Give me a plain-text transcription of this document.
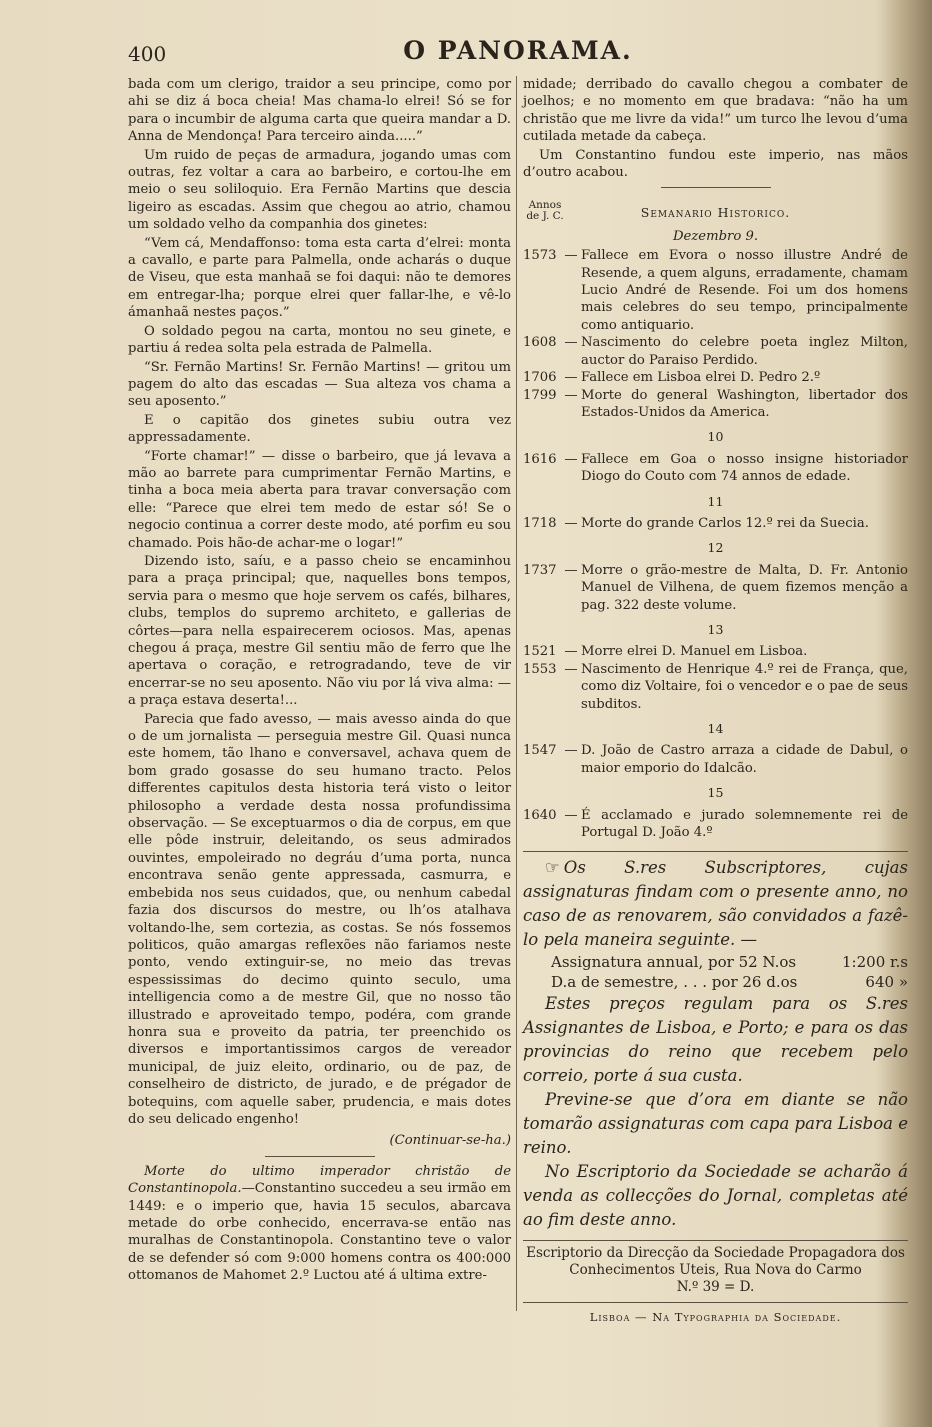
400	O PANORAMA.

bada com um clerigo, traidor a seu principe, como por ahi se diz á boca cheia! Mas chama-lo elrei! Só se for para o incumbir de alguma carta que queira mandar a D. Anna de Mendonça! Para terceiro ainda.....”

Um ruido de peças de armadura, jogando umas com outras, fez voltar a cara ao barbeiro, e cortou-lhe em meio o seu soliloquio. Era Fernão Martins que descia ligeiro as escadas. Assim que chegou ao atrio, chamou um soldado velho da companhia dos ginetes:

“Vem cá, Mendaffonso: toma esta carta d’elrei: monta a cavallo, e parte para Palmella, onde acharás o duque de Viseu, que esta manhaã se foi daqui: não te demores em entregar-lha; porque elrei quer fallar-lhe, e vê-lo ámanhaã nestes paços.”

O soldado pegou na carta, montou no seu ginete, e partiu á redea solta pela estrada de Palmella.

“Sr. Fernão Martins! Sr. Fernão Martins! — gritou um pagem do alto das escadas — Sua alteza vos chama a seu aposento.”

E o capitão dos ginetes subiu outra vez appressadamente.

“Forte chamar!” — disse o barbeiro, que já levava a mão ao barrete para cumprimentar Fernão Martins, e tinha a boca meia aberta para travar conversação com elle: “Parece que elrei tem medo de estar só! Se o negocio continua a correr deste modo, até porfim eu sou chamado. Pois hão-de achar-me o logar!”

Dizendo isto, saíu, e a passo cheio se encaminhou para a praça principal; que, naquelles bons tempos, servia para o mesmo que hoje servem os cafés, bilhares, clubs, templos do supremo architeto, e gallerias de côrtes—para nella espairecerem ociosos. Mas, apenas chegou á praça, mestre Gil sentiu mão de ferro que lhe apertava o coração, e retrogradando, teve de vir encerrar-se no seu aposento. Não viu por lá viva alma: — a praça estava deserta!...

Parecia que fado avesso, — mais avesso ainda do que o de um jornalista — perseguia mestre Gil. Quasi nunca este homem, tão lhano e conversavel, achava quem de bom grado gosasse do seu humano tracto. Pelos differentes capitulos desta historia terá visto o leitor philosopho a verdade desta nossa profundissima observação. — Se exceptuarmos o dia de corpus, em que elle pôde instruir, deleitando, os seus admirados ouvintes, empoleirado no degráu d’uma porta, nunca encontrava senão gente appressada, casmurra, e embebida nos seus cuidados, que, ou nenhum cabedal fazia dos discursos do mestre, ou lh’os atalhava voltando-lhe, sem cortezia, as costas. Se nós fossemos politicos, quão amargas reflexões não fariamos neste ponto, vendo extinguir-se, no meio das trevas espessissimas do decimo quinto seculo, uma intelligencia como a de mestre Gil, que no nosso tão illustrado e aproveitado tempo, podéra, com grande honra sua e proveito da patria, ter preenchido os diversos e importantissimos cargos de vereador municipal, de juiz eleito, ordinario, ou de paz, de conselheiro de districto, de jurado, e de prégador de botequins, com aquelle saber, prudencia, e mais dotes do seu delicado engenho!

(Continuar-se-ha.)

Morte do ultimo imperador christão de Constantinopola.—Constantino succedeu a seu irmão em 1449: e o imperio que, havia 15 seculos, abarcava metade do orbe conhecido, encerrava-se então nas muralhas de Constantinopola. Constantino teve o valor de se defender só com 9:000 homens contra os 400:000 ottomanos de Mahomet 2.º Luctou até á ultima extre-

midade; derribado do cavallo chegou a combater de joelhos; e no momento em que bradava: “não ha um christão que me livre da vida!” um turco lhe levou d’uma cutilada metade da cabeça.

Um Constantino fundou este imperio, nas mãos d’outro acabou.

Annos de J. C.	Semanario Historico.
Dezembro 9.
1573 — Fallece em Evora o nosso illustre André de Resende, a quem alguns, erradamente, chamam Lucio André de Resende. Foi um dos homens mais celebres do seu tempo, principalmente como antiquario.
1608 — Nascimento do celebre poeta inglez Milton, auctor do Paraiso Perdido.
1706 — Fallece em Lisboa elrei D. Pedro 2.º
1799 — Morte do general Washington, libertador dos Estados-Unidos da America.
10
1616 — Fallece em Goa o nosso insigne historiador Diogo do Couto com 74 annos de edade.
11
1718 — Morte do grande Carlos 12.º rei da Suecia.
12
1737 — Morre o grão-mestre de Malta, D. Fr. Antonio Manuel de Vilhena, de quem fizemos menção a pag. 322 deste volume.
13
1521 — Morre elrei D. Manuel em Lisboa.
1553 — Nascimento de Henrique 4.º rei de França, que, como diz Voltaire, foi o vencedor e o pae de seus subditos.
14
1547 — D. João de Castro arraza a cidade de Dabul, o maior emporio do Idalcão.
15
1640 — É acclamado e jurado solemnemente rei de Portugal D. João 4.º

☞ Os S.res Subscriptores, cujas assignaturas findam com o presente anno, no caso de as renovarem, são convidados a fazê-lo pela maneira seguinte. —

Assignatura annual, por 52 N.os	1:200 r.s
D.a de semestre, . . . por 26 d.os	640 »

Estes preços regulam para os S.res Assignantes de Lisboa, e Porto; e para os das provincias do reino que recebem pelo correio, porte á sua custa.

Previne-se que d’ora em diante se não tomarão assignaturas com capa para Lisboa e reino.

No Escriptorio da Sociedade se acharão á venda as collecções do Jornal, completas até ao fim deste anno.

Escriptorio da Direcção da Sociedade Propagadora dos Conhecimentos Uteis, Rua Nova do Carmo
N.º 39 = D.
Lisboa — Na Typographia da Sociedade.
